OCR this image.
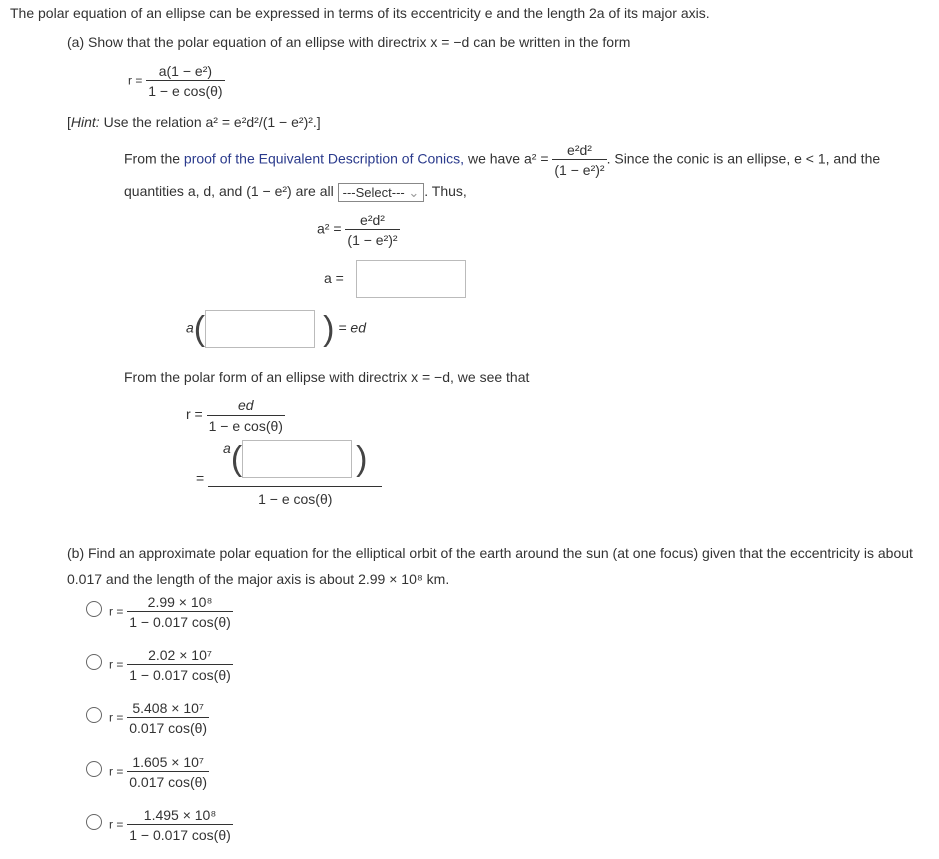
The polar equation of an ellipse can be expressed in terms of its eccentricity e and the length 2a of its major axis.
(a) Show that the polar equation of an ellipse with directrix x = −d can be written in the form
$r = \frac{\text{a(1 − e²)}}{\text{1 − e cos(θ)}}$
[Hint: Use the relation a² = e²d²/(1 − e²)².]
From the proof of the Equivalent Description of Conics, we have $a^2 = \frac{\text{e²d²}}{\text{(1 − e²)²}}$ . Since the conic is an ellipse, e < 1, and the
quantities a, d, and (1 − e²) are all ---Select--- ⌄ . Thus,
$a^2 = \frac{\text{e²d²}}{\text{(1 − e²)²}}$
a =
a(	) = ed
From the polar form of an ellipse with directrix x = −d, we see that
$r = \frac{ed}{\text{1 − e cos(θ)}}$
= a(	)
1 − e cos(θ)
(b) Find an approximate polar equation for the elliptical orbit of the earth around the sun (at one focus) given that the eccentricity is about
0.017 and the length of the major axis is about 2.99 × 10⁸ km.
$r = \frac{\text{2.99 × 10⁸}}{1 - 0.017 \cos(\theta)}$
$r = \frac{\text{2.02 × 10⁷}}{1 - 0.017 \cos(\theta)}$
$r = \frac{\text{5.408 × 10⁷}}{0.017 \cos(\theta)}$
$r = \frac{\text{1.605 × 10⁷}}{0.017 \cos(\theta)}$
$r = \frac{\text{1.495 × 10⁸}}{1 - 0.017 \cos(\theta)}$
